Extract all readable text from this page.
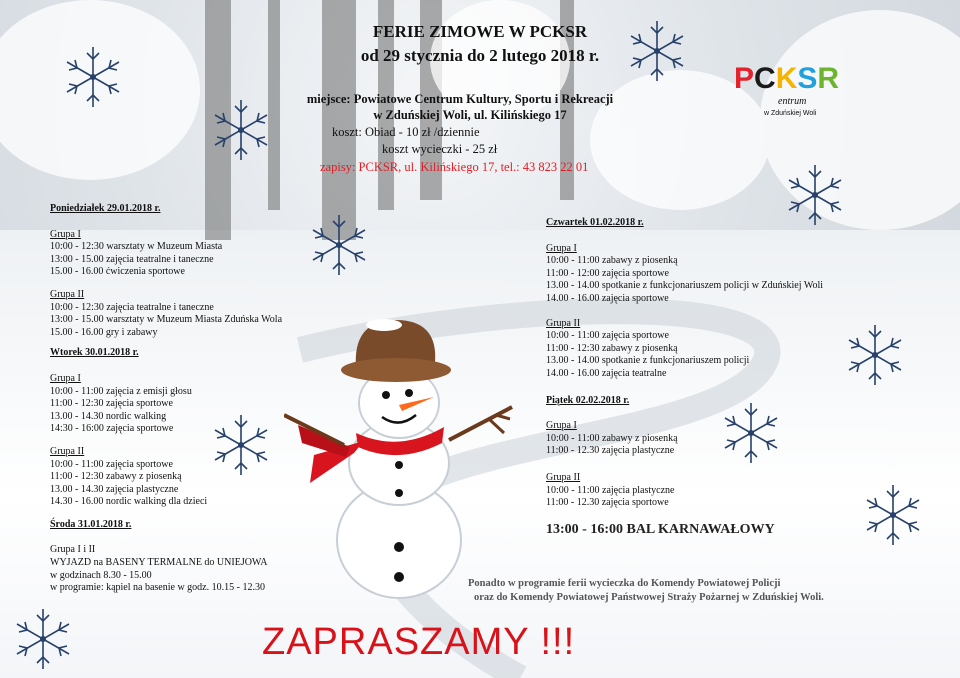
FERIE ZIMOWE W PCKSR
od 29 stycznia do 2 lutego 2018 r.
miejsce: Powiatowe Centrum Kultury, Sportu i Rekreacji
w Zduńskiej Woli, ul. Kilińskiego 17
koszt: Obiad - 10 zł /dziennie
koszt wycieczki - 25 zł
zapisy: PCKSR, ul. Kilińskiego 17, tel.: 43 823 22 01
PCKSR
entrum
w Zduńskiej Woli
Poniedziałek 29.01.2018 r.
Grupa I
10:00 - 12:30 warsztaty w Muzeum Miasta
13:00 - 15.00 zajęcia teatralne i taneczne
15.00 - 16.00 ćwiczenia sportowe
Grupa II
10:00 - 12:30 zajęcia teatralne i taneczne
13:00 - 15.00 warsztaty w Muzeum Miasta Zduńska Wola
15.00 - 16.00 gry i zabawy
Wtorek 30.01.2018 r.
Grupa I
10:00 - 11:00 zajęcia z emisji głosu
11:00 - 12:30 zajęcia sportowe
13.00 - 14.30 nordic walking
14:30 - 16:00 zajęcia sportowe
Grupa II
10:00 - 11:00 zajęcia sportowe
11:00 - 12:30 zabawy z piosenką
13.00 - 14.30 zajęcia plastyczne
14.30 - 16.00 nordic walking dla dzieci
Środa 31.01.2018 r.
Grupa I i II
WYJAZD na BASENY TERMALNE do UNIEJOWA
w godzinach 8.30 - 15.00
w programie: kąpiel na basenie w godz. 10.15 - 12.30
Czwartek 01.02.2018 r.
Grupa I
10:00 - 11:00 zabawy z piosenką
11:00 - 12:00 zajęcia sportowe
13.00 - 14.00 spotkanie z funkcjonariuszem policji w Zduńskiej Woli
14.00 - 16.00 zajęcia sportowe
Grupa II
10:00 - 11:00 zajęcia sportowe
11:00 - 12:30 zabawy z piosenką
13.00 - 14.00 spotkanie z funkcjonariuszem policji
14.00 - 16.00 zajęcia teatralne
Piątek 02.02.2018 r.
Grupa I
10:00 - 11:00 zabawy z piosenką
11:00 - 12.30 zajęcia plastyczne
Grupa II
10:00 - 11:00 zajęcia plastyczne
11:00 - 12.30 zajęcia sportowe
13:00 - 16:00 BAL KARNAWAŁOWY
Ponadto w programie ferii wycieczka do Komendy Powiatowej Policji
oraz do Komendy Powiatowej Państwowej Straży Pożarnej w Zduńskiej Woli.
ZAPRASZAMY !!!
